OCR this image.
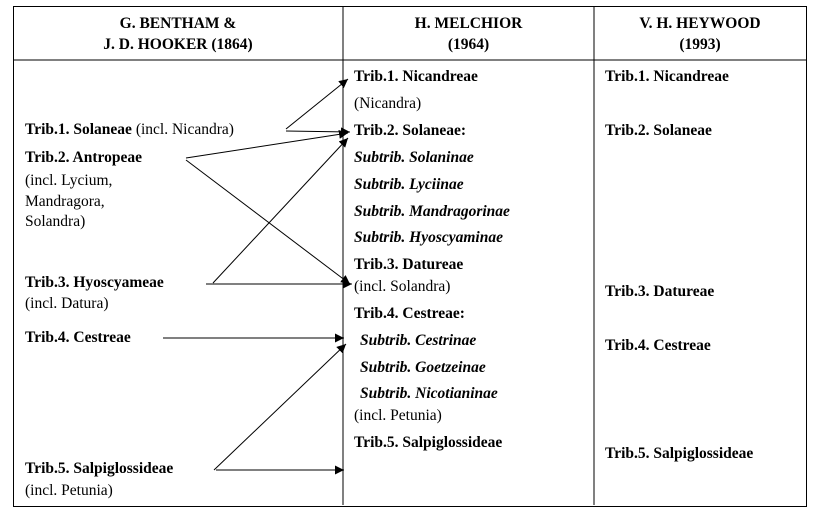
G. BENTHAM &
J. D. HOOKER (1864)
H. MELCHIOR
(1964)
V. H. HEYWOOD
(1993)
Trib.1. Solaneae (incl. Nicandra)
Trib.2. Antropeae
(incl. Lycium,
Mandragora,
Solandra)
Trib.3. Hyoscyameae
(incl. Datura)
Trib.4. Cestreae
Trib.5. Salpiglossideae
(incl. Petunia)
Trib.1. Nicandreae
(Nicandra)
Trib.2. Solaneae:
Subtrib. Solaninae
Subtrib. Lyciinae
Subtrib. Mandragorinae
Subtrib. Hyoscyaminae
Trib.3. Datureae
(incl. Solandra)
Trib.4. Cestreae:
Subtrib. Cestrinae
Subtrib. Goetzeinae
Subtrib. Nicotianinae
(incl. Petunia)
Trib.5. Salpiglossideae
Trib.1. Nicandreae
Trib.2. Solaneae
Trib.3. Datureae
Trib.4. Cestreae
Trib.5. Salpiglossideae
